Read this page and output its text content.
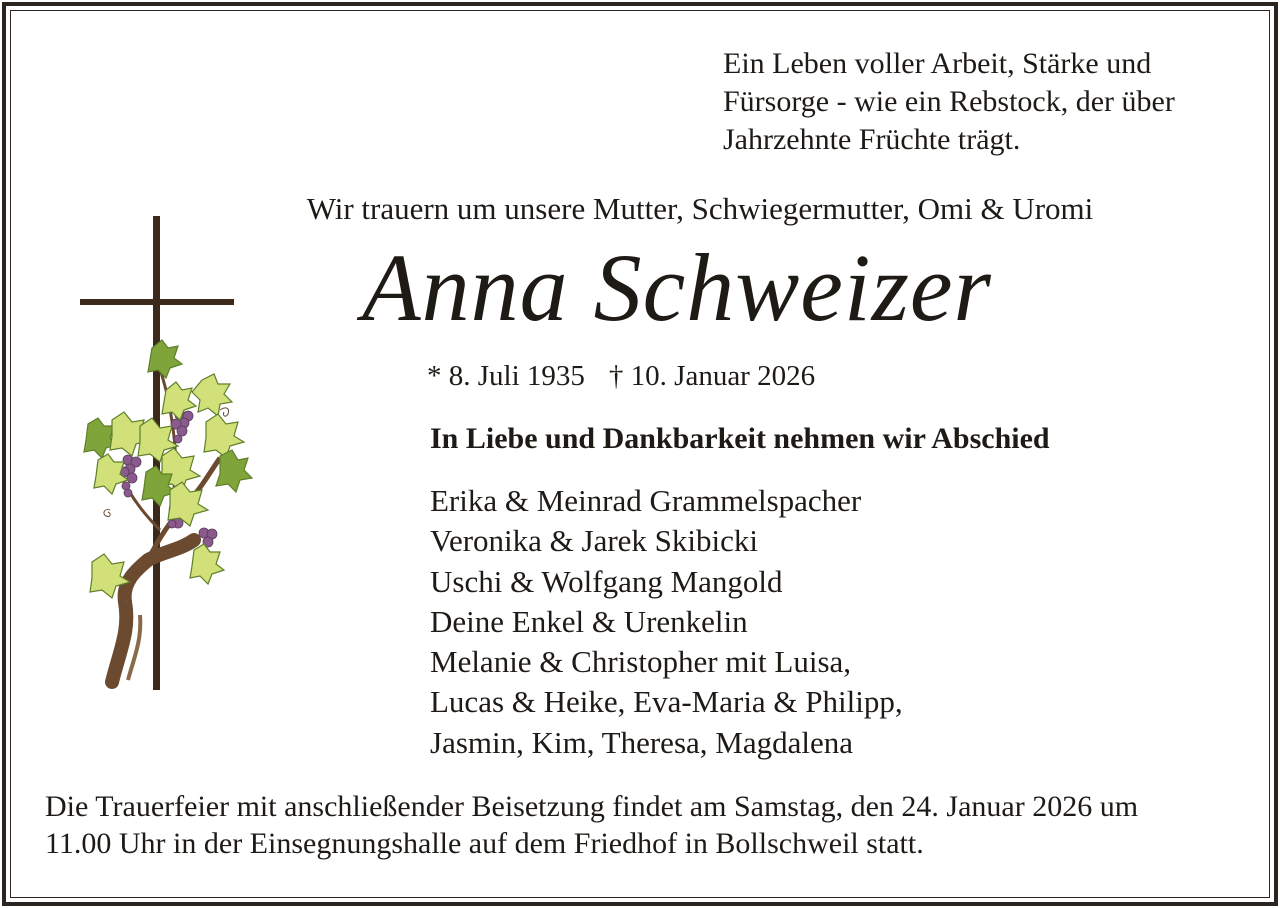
Ein Leben voller Arbeit, Stärke und
Fürsorge - wie ein Rebstock, der über
Jahrzehnte Früchte trägt.
Wir trauern um unsere Mutter, Schwiegermutter, Omi & Uromi
Anna Schweizer
* 8. Juli 1935 † 10. Januar 2026
In Liebe und Dankbarkeit nehmen wir Abschied
Erika & Meinrad Grammelspacher
Veronika & Jarek Skibicki
Uschi & Wolfgang Mangold
Deine Enkel & Urenkelin
Melanie & Christopher mit Luisa,
Lucas & Heike, Eva-Maria & Philipp,
Jasmin, Kim, Theresa, Magdalena
Die Trauerfeier mit anschließender Beisetzung findet am Samstag, den 24. Januar 2026 um
11.00 Uhr in der Einsegnungshalle auf dem Friedhof in Bollschweil statt.
